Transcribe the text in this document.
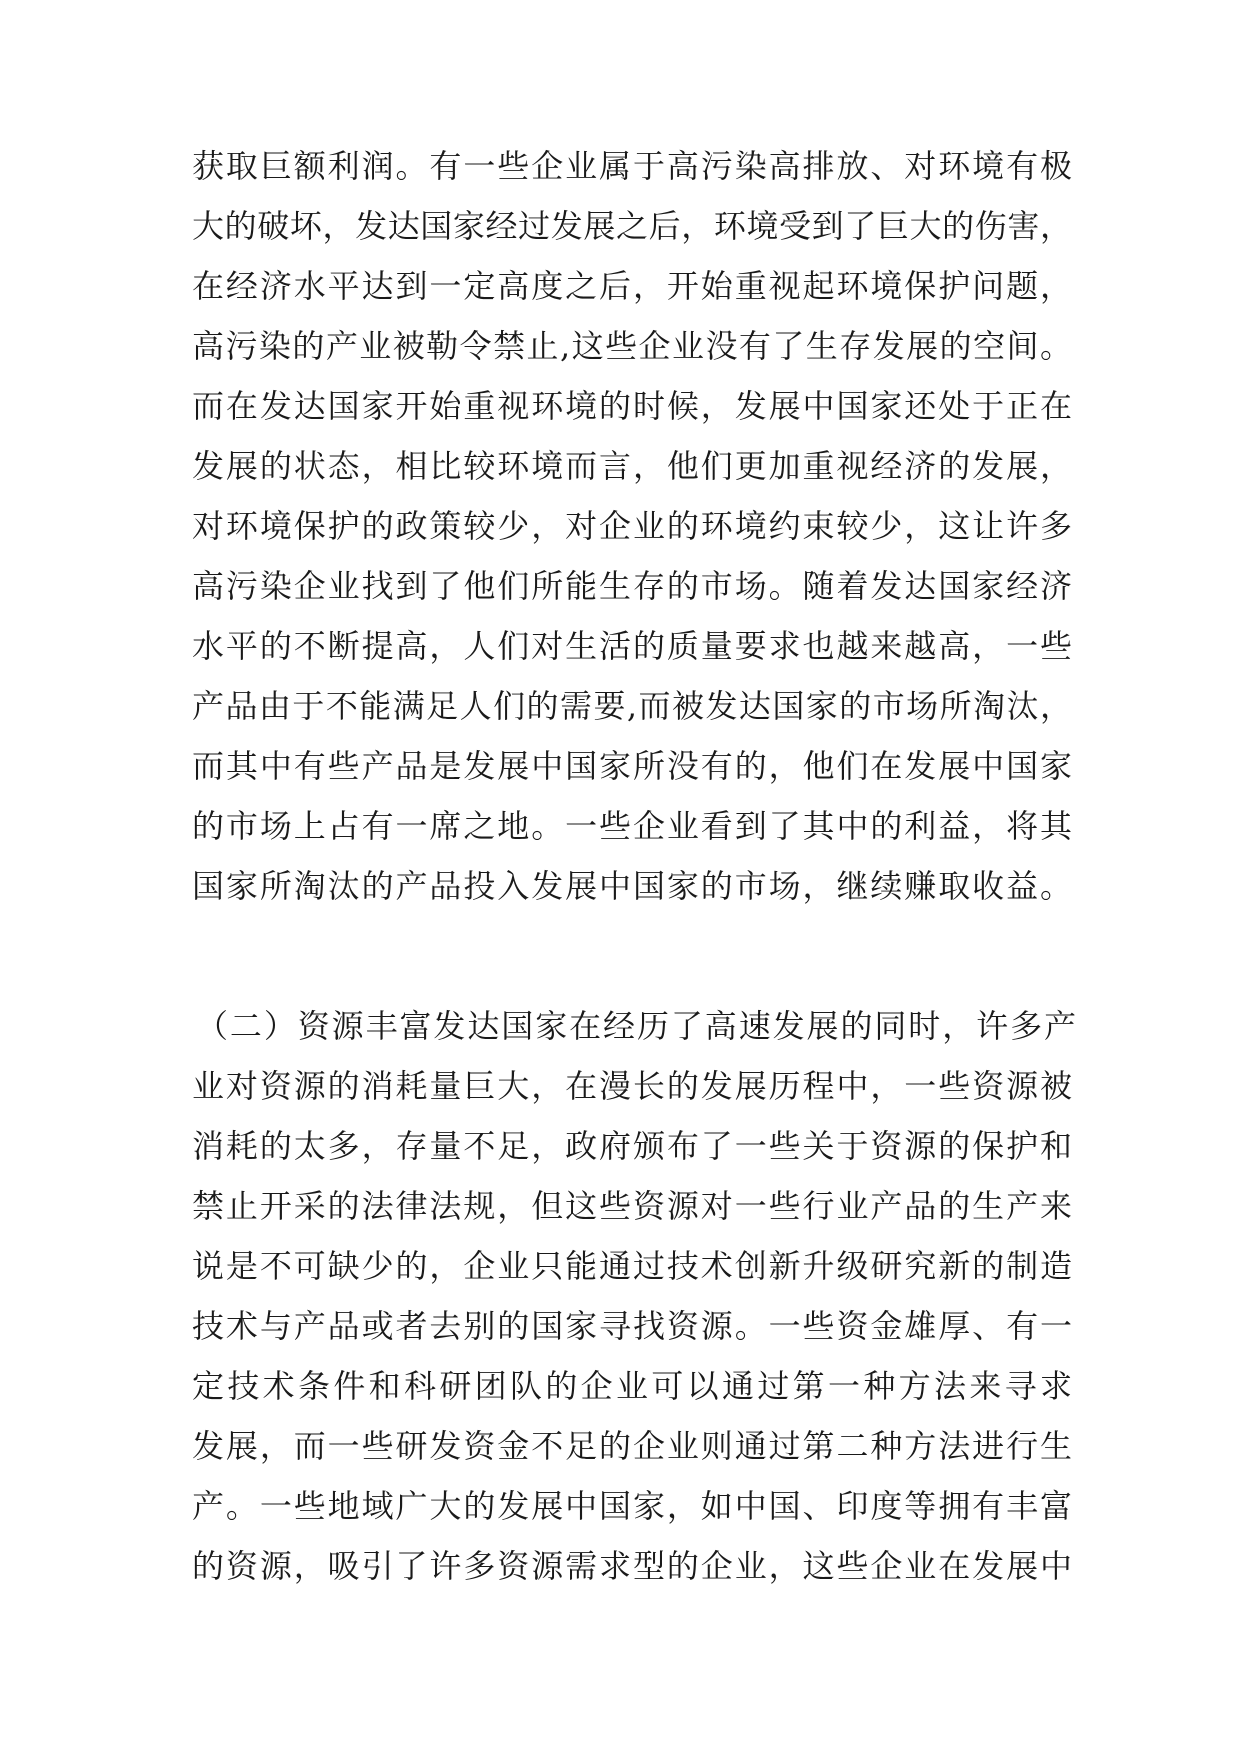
获取巨额利润。有一些企业属于高污染高排放、对环境有极
大的破坏，发达国家经过发展之后，环境受到了巨大的伤害，
在经济水平达到一定高度之后，开始重视起环境保护问题，
高污染的产业被勒令禁止,这些企业没有了生存发展的空间。
而在发达国家开始重视环境的时候，发展中国家还处于正在
发展的状态，相比较环境而言，他们更加重视经济的发展，
对环境保护的政策较少，对企业的环境约束较少，这让许多
高污染企业找到了他们所能生存的市场。随着发达国家经济
水平的不断提高，人们对生活的质量要求也越来越高，一些
产品由于不能满足人们的需要,而被发达国家的市场所淘汰，
而其中有些产品是发展中国家所没有的，他们在发展中国家
的市场上占有一席之地。一些企业看到了其中的利益，将其
国家所淘汰的产品投入发展中国家的市场，继续赚取收益。
（二）资源丰富发达国家在经历了高速发展的同时，许多产
业对资源的消耗量巨大，在漫长的发展历程中，一些资源被
消耗的太多，存量不足，政府颁布了一些关于资源的保护和
禁止开采的法律法规，但这些资源对一些行业产品的生产来
说是不可缺少的，企业只能通过技术创新升级研究新的制造
技术与产品或者去别的国家寻找资源。一些资金雄厚、有一
定技术条件和科研团队的企业可以通过第一种方法来寻求
发展，而一些研发资金不足的企业则通过第二种方法进行生
产。一些地域广大的发展中国家，如中国、印度等拥有丰富
的资源，吸引了许多资源需求型的企业，这些企业在发展中
